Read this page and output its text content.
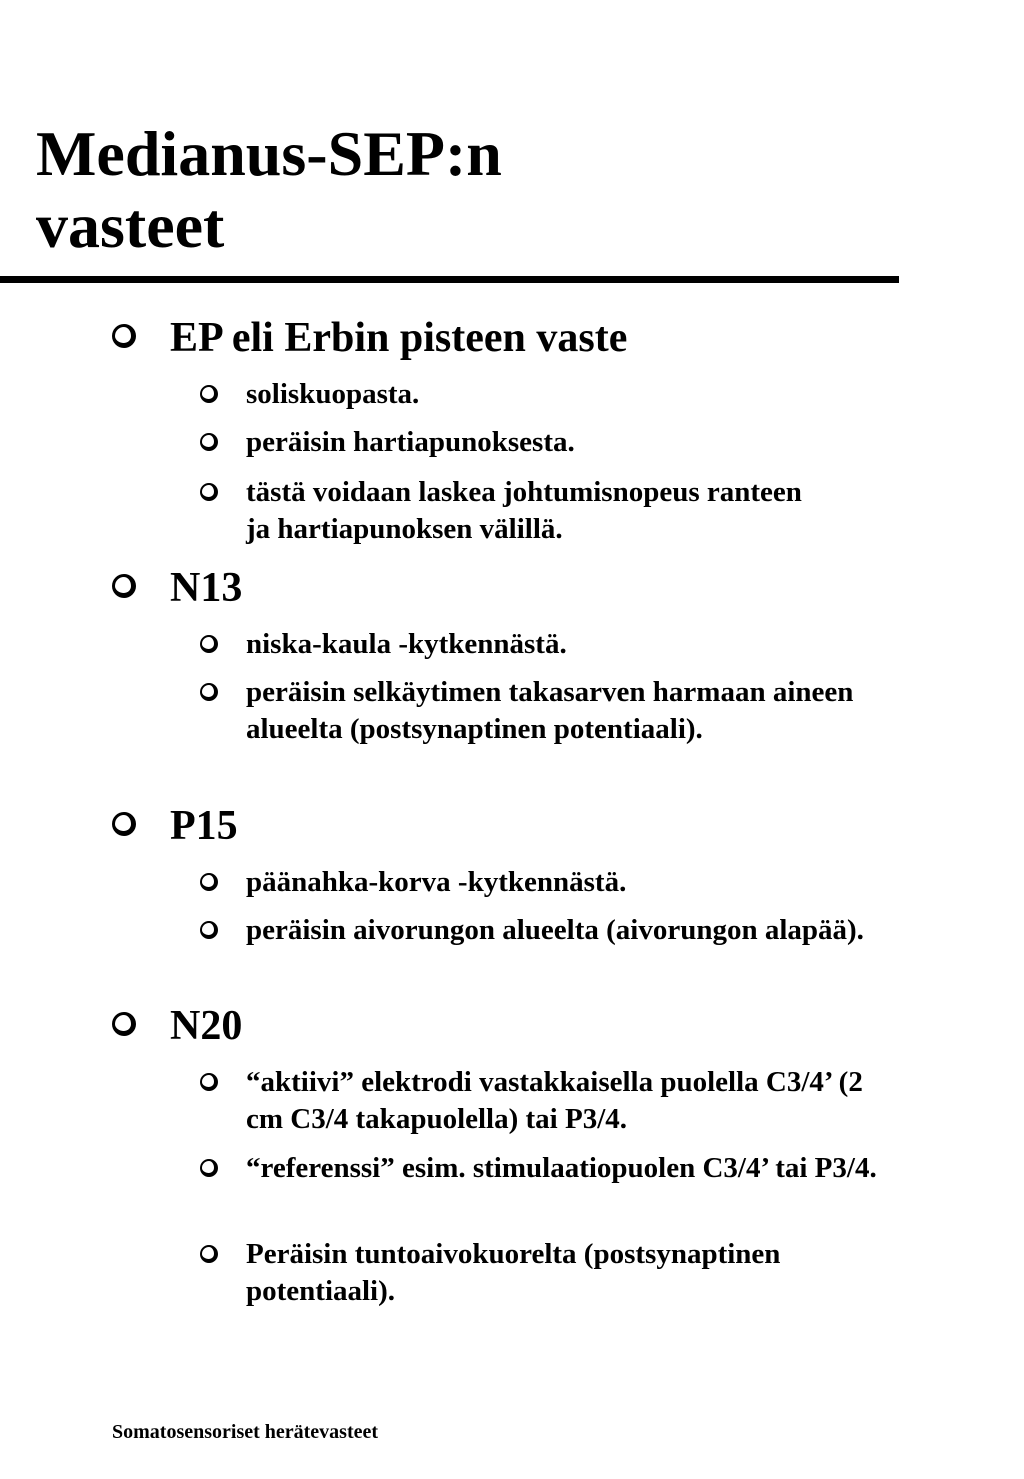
Medianus-SEP:n
vasteet
EP eli Erbin pisteen vaste
soliskuopasta.
peräisin hartiapunoksesta.
tästä voidaan laskea johtumisnopeus ranteen ja hartiapunoksen välillä.
N13
niska-kaula -kytkennästä.
peräisin selkäytimen takasarven harmaan aineen alueelta (postsynaptinen potentiaali).
P15
päänahka-korva -kytkennästä.
peräisin aivorungon alueelta (aivorungon alapää).
N20
“aktiivi” elektrodi vastakkaisella puolella C3/4’ (2 cm C3/4 takapuolella) tai P3/4.
“referenssi” esim. stimulaatiopuolen C3/4’ tai P3/4.
Peräisin tuntoaivokuorelta (postsynaptinen potentiaali).
Somatosensoriset herätevasteet
